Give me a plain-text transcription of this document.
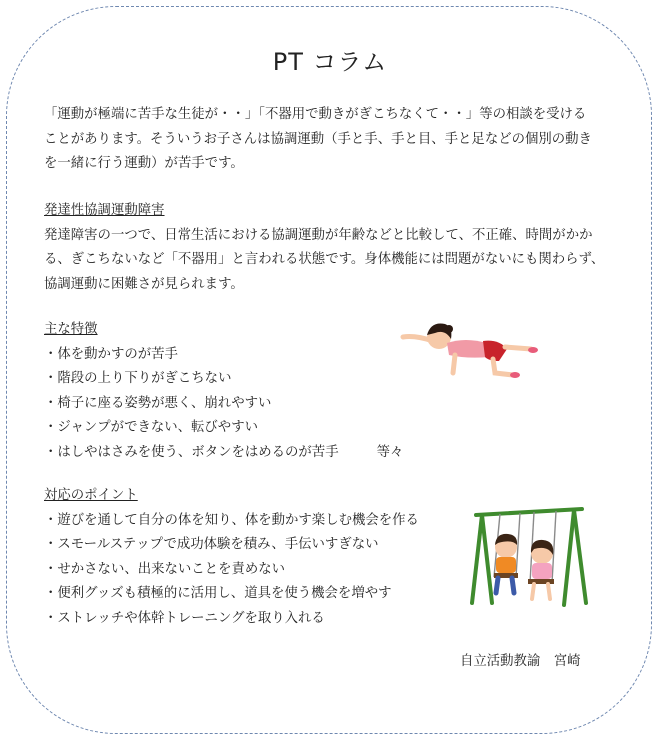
PT コラム
「運動が極端に苦手な生徒が・・」「不器用で動きがぎこちなくて・・」等の相談を受ける
ことがあります。そういうお子さんは協調運動（手と手、手と目、手と足などの個別の動き
を一緒に行う運動）が苦手です。
発達性協調運動障害
発達障害の一つで、日常生活における協調運動が年齢などと比較して、不正確、時間がかか
る、ぎこちないなど「不器用」と言われる状態です。身体機能には問題がないにも関わらず、
協調運動に困難さが見られます。
主な特徴
・体を動かすのが苦手
・階段の上り下りがぎこちない
・椅子に座る姿勢が悪く、崩れやすい
・ジャンプができない、転びやすい
・はしやはさみを使う、ボタンをはめるのが苦手	等々
対応のポイント
・遊びを通して自分の体を知り、体を動かす楽しむ機会を作る
・スモールステップで成功体験を積み、手伝いすぎない
・せかさない、出来ないことを責めない
・便利グッズも積極的に活用し、道具を使う機会を増やす
・ストレッチや体幹トレーニングを取り入れる
自立活動教諭　宮崎
